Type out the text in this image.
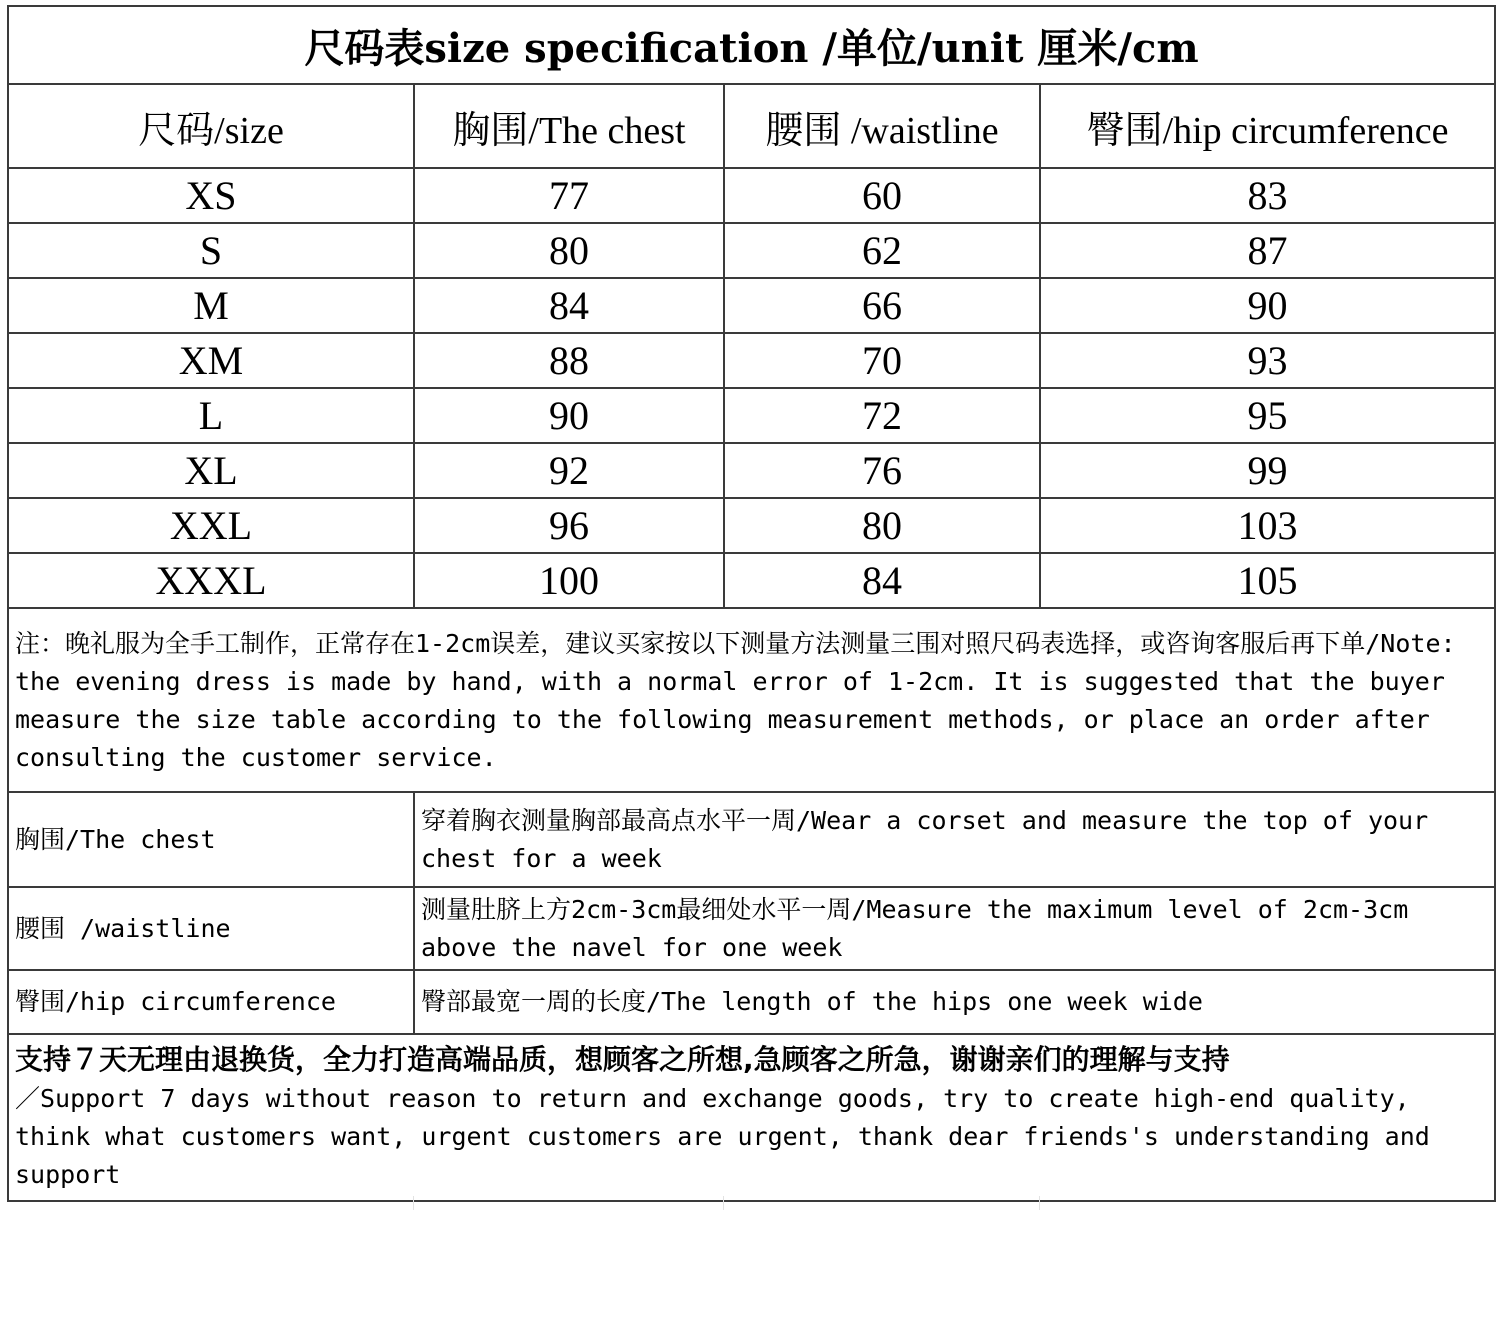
尺码表size specification /单位/unit 厘米/cm			
尺码/size	胸围/The chest	腰围 /waistline	臀围/hip circumference
XS	77	60	83
S	80	62	87
M	84	66	90
XM	88	70	93
L	90	72	95
XL	92	76	99
XXL	96	80	103
XXXL	100	84	105
注：晚礼服为全手工制作，正常存在1-2cm误差，建议买家按以下测量方法测量三围对照尺码表选择，或咨询客服后再下单/Note: the evening dress is made by hand, with a normal error of 1-2cm. It is suggested that the buyer measure the size table according to the following measurement methods, or place an order after consulting the customer service.			
胸围/The chest	穿着胸衣测量胸部最高点水平一周/Wear a corset and measure the top of your chest for a week		
腰围 /waistline	测量肚脐上方2cm-3cm最细处水平一周/Measure the maximum level of 2cm-3cm above the navel for one week		
臀围/hip circumference	臀部最宽一周的长度/The length of the hips one week wide		
支持７天无理由退换货，全力打造高端品质，想顾客之所想,急顾客之所急，谢谢亲们的理解与支持
／Support 7 days without reason to return and exchange goods, try to create high-end quality, think what customers want, urgent customers are urgent, thank dear friends's understanding and support			
